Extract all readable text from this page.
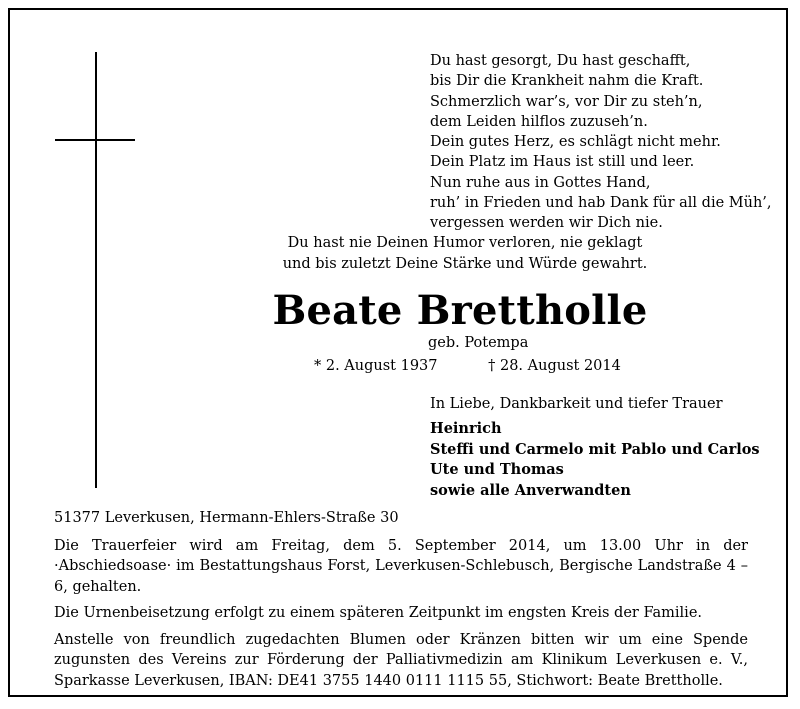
Du hast gesorgt, Du hast geschafft,
bis Dir die Krankheit nahm die Kraft.
Schmerzlich war’s, vor Dir zu steh’n,
dem Leiden hilflos zuzuseh’n.
Dein gutes Herz, es schlägt nicht mehr.
Dein Platz im Haus ist still und leer.
Nun ruhe aus in Gottes Hand,
ruh’ in Frieden und hab Dank für all die Müh’,
vergessen werden wir Dich nie.
Du hast nie Deinen Humor verloren, nie geklagt
und bis zuletzt Deine Stärke und Würde gewahrt.
Beate Brettholle
geb. Potempa
* 2. August 1937	† 28. August 2014
In Liebe, Dankbarkeit und tiefer Trauer
Heinrich
Steffi und Carmelo mit Pablo und Carlos
Ute und Thomas
sowie alle Anverwandten

51377 Leverkusen, Hermann-Ehlers-Straße 30

Die Trauerfeier wird am Freitag, dem 5. September 2014, um 13.00 Uhr in der ·Abschiedsoase· im Bestattungshaus Forst, Leverkusen-Schlebusch, Bergische Landstraße 4 – 6, gehalten.

Die Urnenbeisetzung erfolgt zu einem späteren Zeitpunkt im engsten Kreis der Familie.

Anstelle von freundlich zugedachten Blumen oder Kränzen bitten wir um eine Spende zugunsten des Vereins zur Förderung der Palliativmedizin am Klinikum Leverkusen e. V., Sparkasse Leverkusen, IBAN: DE41 3755 1440 0111 1115 55, Stichwort: Beate Brettholle.
